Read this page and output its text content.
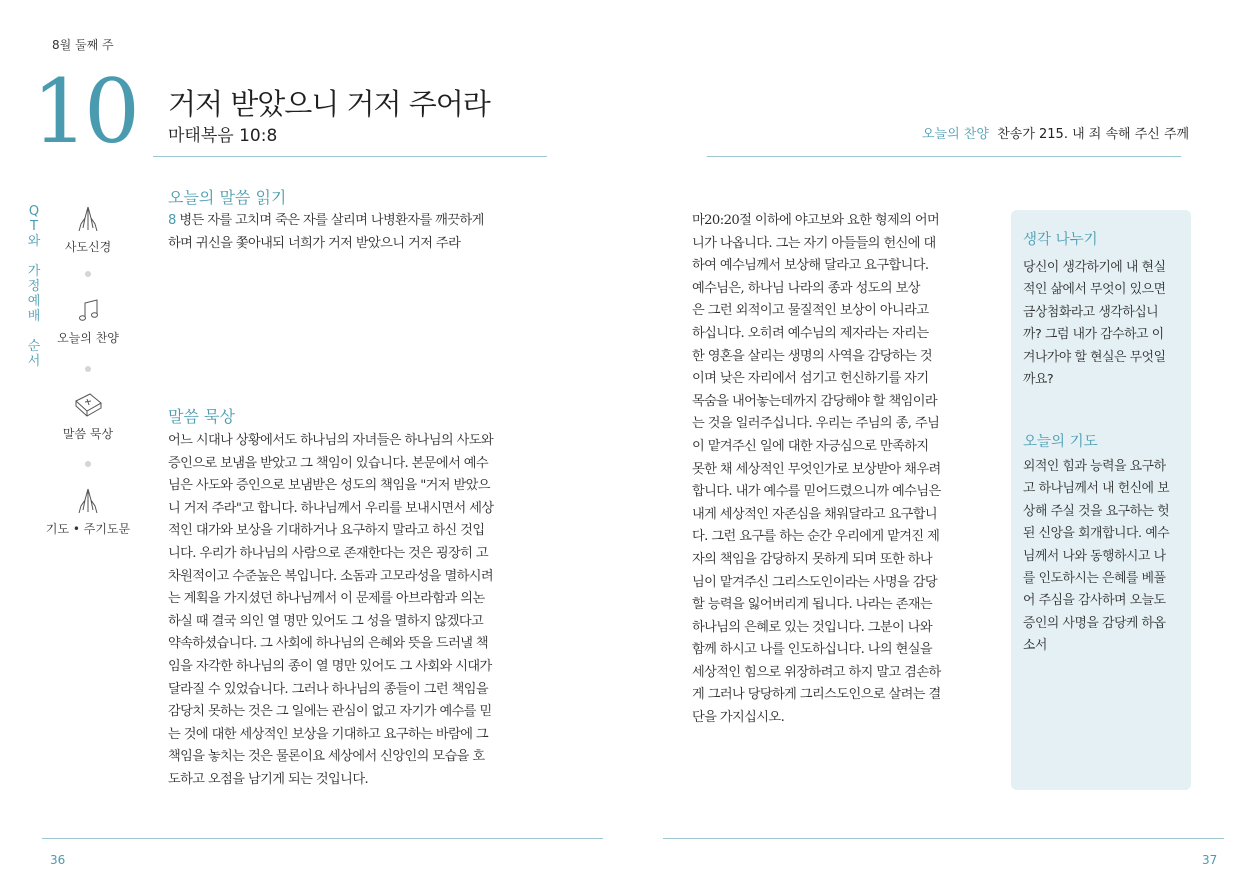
8월 둘째 주
10 거저 받았으니 거저 주어라
마태복음 10:8
Q
T
와
가
정
예
배
순
서
사도신경
오늘의 찬양
말씀 묵상
기도 • 주기도문
오늘의 말씀 읽기
8 병든 자를 고치며 죽은 자를 살리며 나병환자를 깨끗하게
하며 귀신을 쫓아내되 너희가 거저 받았으니 거저 주라
말씀 묵상
어느 시대나 상황에서도 하나님의 자녀들은 하나님의 사도와
증인으로 보냄을 받았고 그 책임이 있습니다. 본문에서 예수
님은 사도와 증인으로 보냄받은 성도의 책임을 "거저 받았으
니 거저 주라"고 합니다. 하나님께서 우리를 보내시면서 세상
적인 대가와 보상을 기대하거나 요구하지 말라고 하신 것입
니다. 우리가 하나님의 사람으로 존재한다는 것은 굉장히 고
차원적이고 수준높은 복입니다. 소돔과 고모라성을 멸하시려
는 계획을 가지셨던 하나님께서 이 문제를 아브라함과 의논
하실 때 결국 의인 열 명만 있어도 그 성을 멸하지 않겠다고
약속하셨습니다. 그 사회에 하나님의 은혜와 뜻을 드러낼 책
임을 자각한 하나님의 종이 열 명만 있어도 그 사회와 시대가
달라질 수 있었습니다. 그러나 하나님의 종들이 그런 책임을
감당치 못하는 것은 그 일에는 관심이 없고 자기가 예수를 믿
는 것에 대한 세상적인 보상을 기대하고 요구하는 바람에 그
책임을 놓치는 것은 물론이요 세상에서 신앙인의 모습을 호
도하고 오점을 남기게 되는 것입니다.
36
오늘의 찬양 찬송가 215. 내 죄 속해 주신 주께
마20:20절 이하에 야고보와 요한 형제의 어머
니가 나옵니다. 그는 자기 아들들의 헌신에 대
하여 예수님께서 보상해 달라고 요구합니다.
예수님은, 하나님 나라의 종과 성도의 보상
은 그런 외적이고 물질적인 보상이 아니라고
하십니다. 오히려 예수님의 제자라는 자리는
한 영혼을 살리는 생명의 사역을 감당하는 것
이며 낮은 자리에서 섬기고 헌신하기를 자기
목숨을 내어놓는데까지 감당해야 할 책임이라
는 것을 일러주십니다. 우리는 주님의 종, 주님
이 맡겨주신 일에 대한 자긍심으로 만족하지
못한 채 세상적인 무엇인가로 보상받아 채우려
합니다. 내가 예수를 믿어드렸으니까 예수님은
내게 세상적인 자존심을 채워달라고 요구합니
다. 그런 요구를 하는 순간 우리에게 맡겨진 제
자의 책임을 감당하지 못하게 되며 또한 하나
님이 맡겨주신 그리스도인이라는 사명을 감당
할 능력을 잃어버리게 됩니다. 나라는 존재는
하나님의 은혜로 있는 것입니다. 그분이 나와
함께 하시고 나를 인도하십니다. 나의 현실을
세상적인 힘으로 위장하려고 하지 말고 겸손하
게 그러나 당당하게 그리스도인으로 살려는 결
단을 가지십시오.
생각 나누기
당신이 생각하기에 내 현실
적인 삶에서 무엇이 있으면
금상첨화라고 생각하십니
까? 그럼 내가 감수하고 이
겨나가야 할 현실은 무엇일
까요?
오늘의 기도
외적인 힘과 능력을 요구하
고 하나님께서 내 헌신에 보
상해 주실 것을 요구하는 헛
된 신앙을 회개합니다. 예수
님께서 나와 동행하시고 나
를 인도하시는 은혜를 베풀
어 주심을 감사하며 오늘도
증인의 사명을 감당케 하옵
소서
37
